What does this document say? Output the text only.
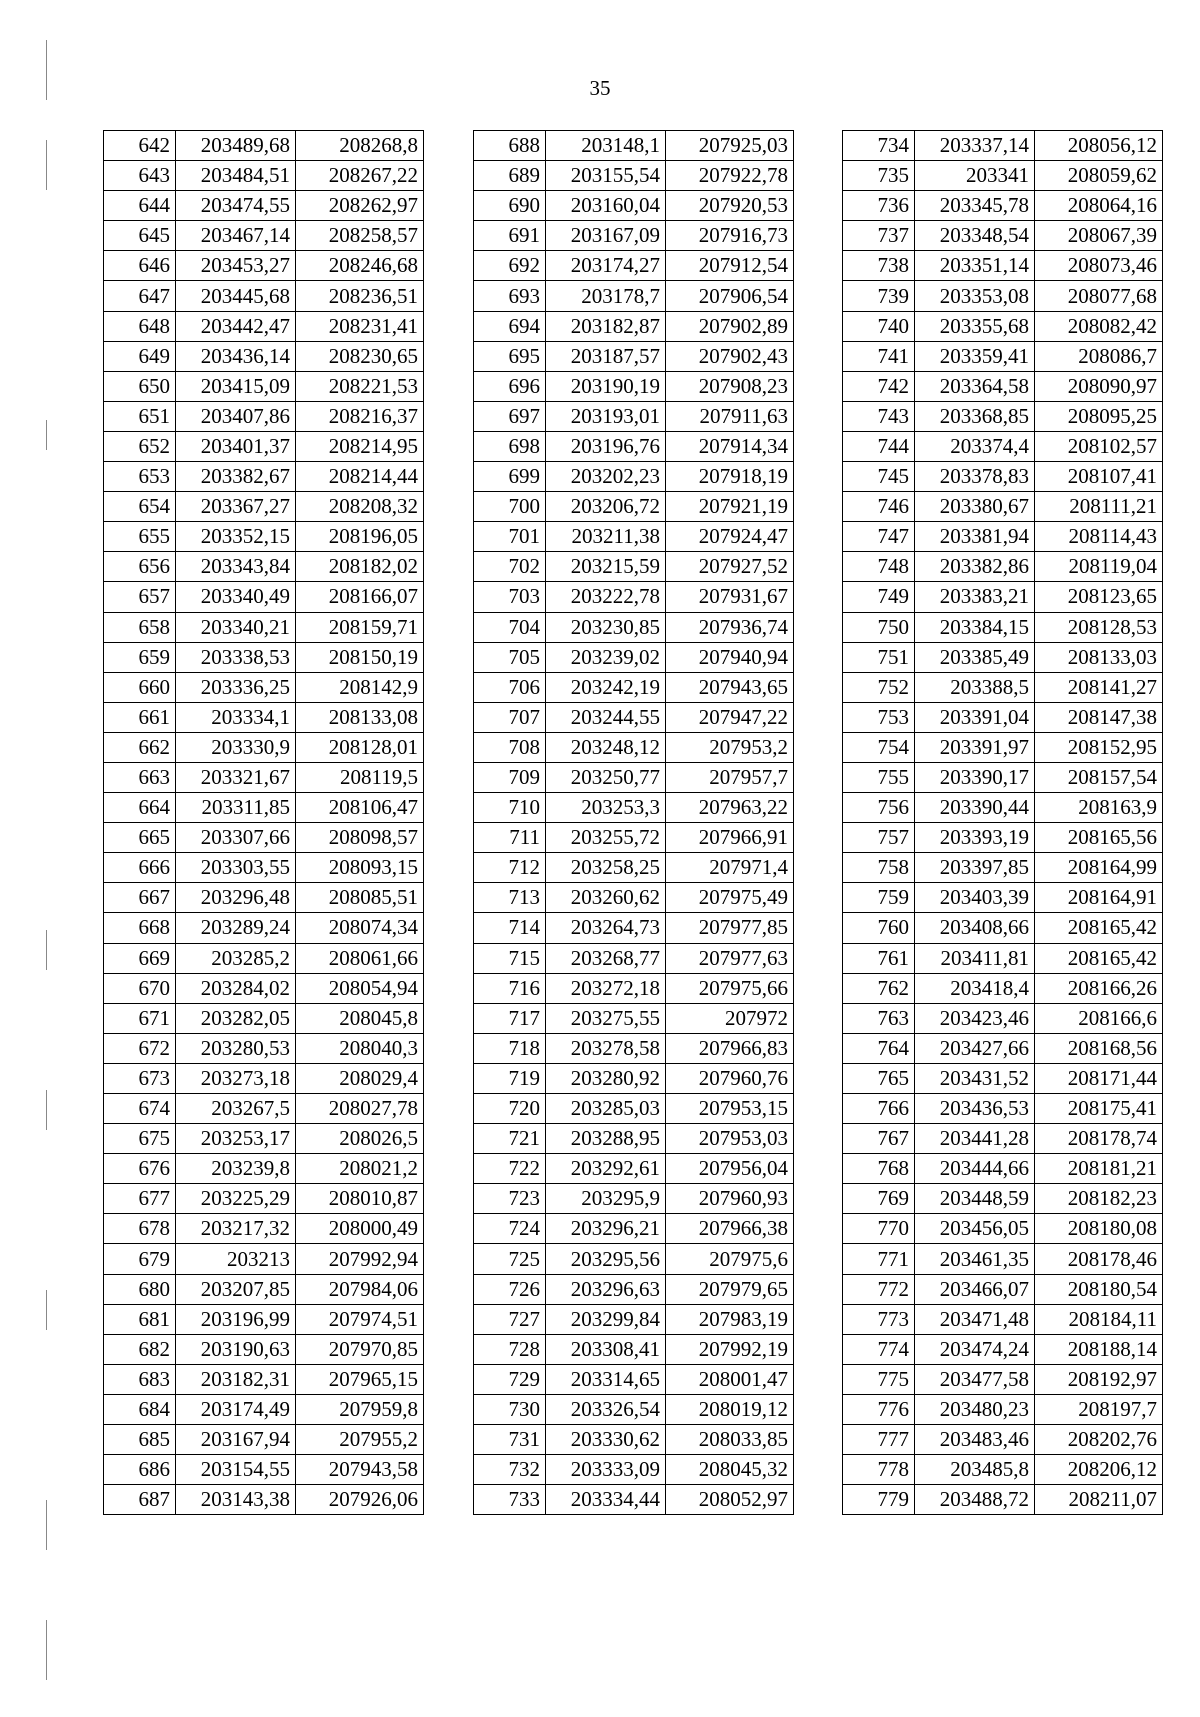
35
642	203489,68	208268,8
643	203484,51	208267,22
644	203474,55	208262,97
645	203467,14	208258,57
646	203453,27	208246,68
647	203445,68	208236,51
648	203442,47	208231,41
649	203436,14	208230,65
650	203415,09	208221,53
651	203407,86	208216,37
652	203401,37	208214,95
653	203382,67	208214,44
654	203367,27	208208,32
655	203352,15	208196,05
656	203343,84	208182,02
657	203340,49	208166,07
658	203340,21	208159,71
659	203338,53	208150,19
660	203336,25	208142,9
661	203334,1	208133,08
662	203330,9	208128,01
663	203321,67	208119,5
664	203311,85	208106,47
665	203307,66	208098,57
666	203303,55	208093,15
667	203296,48	208085,51
668	203289,24	208074,34
669	203285,2	208061,66
670	203284,02	208054,94
671	203282,05	208045,8
672	203280,53	208040,3
673	203273,18	208029,4
674	203267,5	208027,78
675	203253,17	208026,5
676	203239,8	208021,2
677	203225,29	208010,87
678	203217,32	208000,49
679	203213	207992,94
680	203207,85	207984,06
681	203196,99	207974,51
682	203190,63	207970,85
683	203182,31	207965,15
684	203174,49	207959,8
685	203167,94	207955,2
686	203154,55	207943,58
687	203143,38	207926,06
688	203148,1	207925,03
689	203155,54	207922,78
690	203160,04	207920,53
691	203167,09	207916,73
692	203174,27	207912,54
693	203178,7	207906,54
694	203182,87	207902,89
695	203187,57	207902,43
696	203190,19	207908,23
697	203193,01	207911,63
698	203196,76	207914,34
699	203202,23	207918,19
700	203206,72	207921,19
701	203211,38	207924,47
702	203215,59	207927,52
703	203222,78	207931,67
704	203230,85	207936,74
705	203239,02	207940,94
706	203242,19	207943,65
707	203244,55	207947,22
708	203248,12	207953,2
709	203250,77	207957,7
710	203253,3	207963,22
711	203255,72	207966,91
712	203258,25	207971,4
713	203260,62	207975,49
714	203264,73	207977,85
715	203268,77	207977,63
716	203272,18	207975,66
717	203275,55	207972
718	203278,58	207966,83
719	203280,92	207960,76
720	203285,03	207953,15
721	203288,95	207953,03
722	203292,61	207956,04
723	203295,9	207960,93
724	203296,21	207966,38
725	203295,56	207975,6
726	203296,63	207979,65
727	203299,84	207983,19
728	203308,41	207992,19
729	203314,65	208001,47
730	203326,54	208019,12
731	203330,62	208033,85
732	203333,09	208045,32
733	203334,44	208052,97
734	203337,14	208056,12
735	203341	208059,62
736	203345,78	208064,16
737	203348,54	208067,39
738	203351,14	208073,46
739	203353,08	208077,68
740	203355,68	208082,42
741	203359,41	208086,7
742	203364,58	208090,97
743	203368,85	208095,25
744	203374,4	208102,57
745	203378,83	208107,41
746	203380,67	208111,21
747	203381,94	208114,43
748	203382,86	208119,04
749	203383,21	208123,65
750	203384,15	208128,53
751	203385,49	208133,03
752	203388,5	208141,27
753	203391,04	208147,38
754	203391,97	208152,95
755	203390,17	208157,54
756	203390,44	208163,9
757	203393,19	208165,56
758	203397,85	208164,99
759	203403,39	208164,91
760	203408,66	208165,42
761	203411,81	208165,42
762	203418,4	208166,26
763	203423,46	208166,6
764	203427,66	208168,56
765	203431,52	208171,44
766	203436,53	208175,41
767	203441,28	208178,74
768	203444,66	208181,21
769	203448,59	208182,23
770	203456,05	208180,08
771	203461,35	208178,46
772	203466,07	208180,54
773	203471,48	208184,11
774	203474,24	208188,14
775	203477,58	208192,97
776	203480,23	208197,7
777	203483,46	208202,76
778	203485,8	208206,12
779	203488,72	208211,07
